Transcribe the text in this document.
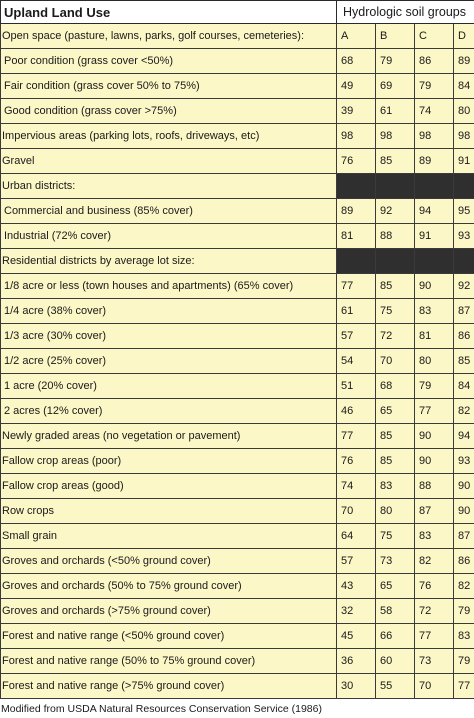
Upland Land Use	Hydrologic soil groups			
Open space (pasture, lawns, parks, golf courses, cemeteries):	A	B	C	D
Poor condition (grass cover <50%)	68	79	86	89
Fair condition (grass cover 50% to 75%)	49	69	79	84
Good condition (grass cover >75%)	39	61	74	80
Impervious areas (parking lots, roofs, driveways, etc)	98	98	98	98
Gravel	76	85	89	91
Urban districts:				
Commercial and business (85% cover)	89	92	94	95
Industrial (72% cover)	81	88	91	93
Residential districts by average lot size:				
1/8 acre or less (town houses and apartments) (65% cover)	77	85	90	92
1/4 acre (38% cover)	61	75	83	87
1/3 acre (30% cover)	57	72	81	86
1/2 acre (25% cover)	54	70	80	85
1 acre (20% cover)	51	68	79	84
2 acres (12% cover)	46	65	77	82
Newly graded areas (no vegetation or pavement)	77	85	90	94
Fallow crop areas (poor)	76	85	90	93
Fallow crop areas (good)	74	83	88	90
Row crops	70	80	87	90
Small grain	64	75	83	87
Groves and orchards (<50% ground cover)	57	73	82	86
Groves and orchards (50% to 75% ground cover)	43	65	76	82
Groves and orchards (>75% ground cover)	32	58	72	79
Forest and native range (<50% ground cover)	45	66	77	83
Forest and native range (50% to 75% ground cover)	36	60	73	79
Forest and native range (>75% ground cover)	30	55	70	77
Modified from USDA Natural Resources Conservation Service (1986)
